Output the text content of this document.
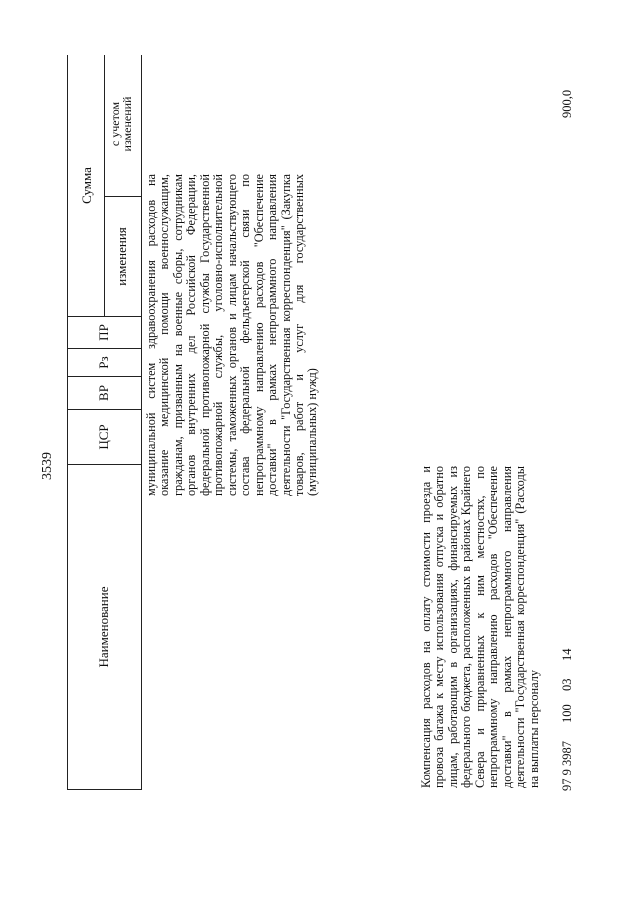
3539
Наименование
ЦСР
ВР
Рз
ПР
Сумма
изменения
с учетом изменений
муниципальной систем здравоохранения расходов на оказание медицинской помощи военнослужащим, гражданам, призванным на военные сборы, сотрудникам органов внутренних дел Российской Федерации, федеральной противопожарной службы Государственной противопожарной службы, уголовно-исполнительной системы, таможенных органов и лицам начальствующего состава федеральной фельдъегерской связи по непрограммному направлению расходов "Обеспечение доставки" в рамках непрограммного направления деятельности "Государственная корреспонденция" (Закупка товаров, работ и услуг для государственных (муниципальных) нужд)
Компенсация расходов на оплату стоимости проезда и провоза багажа к месту использования отпуска и обратно лицам, работающим в организациях, финансируемых из федерального бюджета, расположенных в районах Крайнего Севера и приравненных к ним местностях, по непрограммному направлению расходов "Обеспечение доставки" в рамках непрограммного направления деятельности "Государственная корреспонденция" (Расходы на выплаты персоналу 97 9 3987
100
03
14
900,0
